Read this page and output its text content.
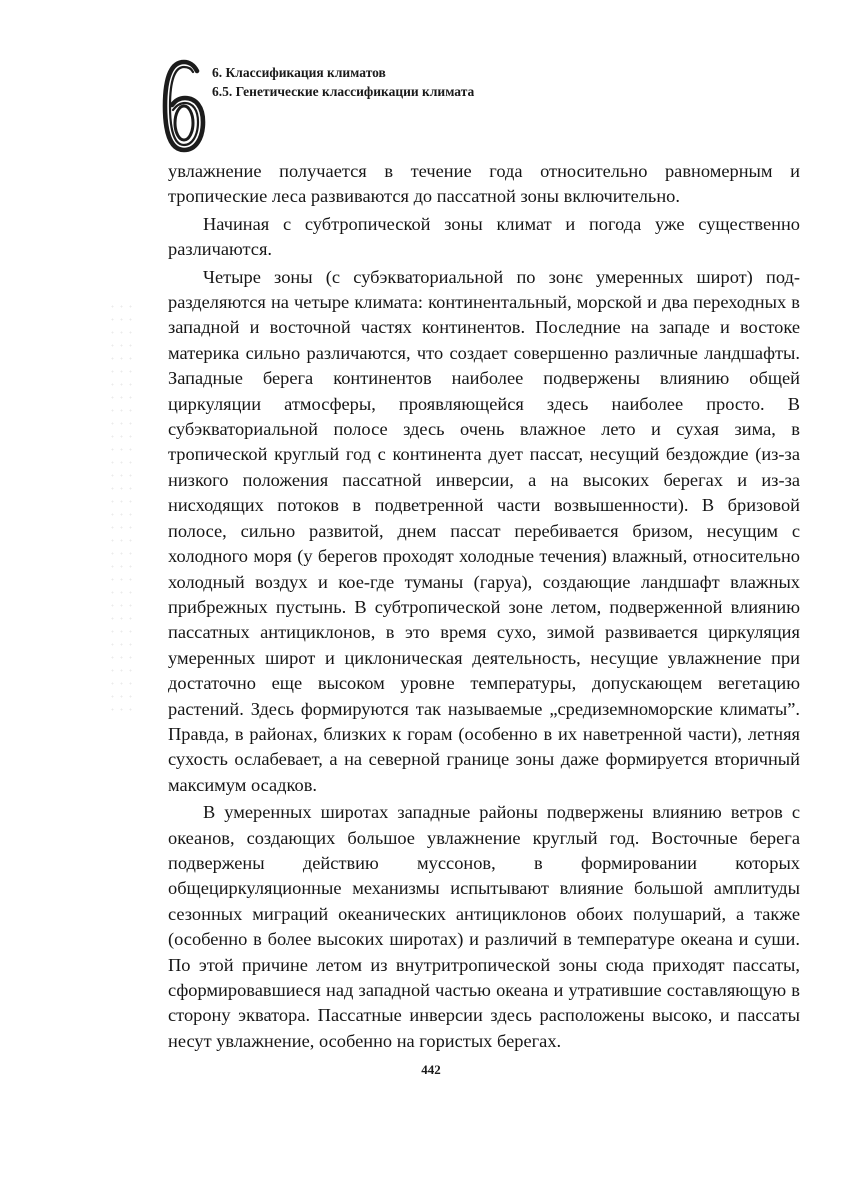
6. Классификация климатов
6.5. Генетические классификации климата

увлажнение получается в течение года относительно равномерным и тропические леса развиваются до пассатной зоны включительно.

Начиная с субтропической зоны климат и погода уже существенно различаются.

Четыре зоны (с субэкваториальной по зонє умеренных широт) подразделяются на четыре климата: континентальный, морской и два переходных в западной и восточной частях континентов. Последние на западе и востоке материка сильно различаются, что создает совершенно различные ландшафты. Западные берега континентов наиболее подвержены влиянию общей циркуляции атмосферы, проявляющейся здесь наиболее просто. В субэкваториальной полосе здесь очень влажное лето и сухая зима, в тропической круглый год с континента дует пассат, несущий бездождие (из-за низкого положения пассатной инверсии, а на высоких берегах и из-за нисходящих потоков в подветренной части возвышенности). В бризовой полосе, сильно развитой, днем пассат перебивается бризом, несущим с холодного моря (у берегов проходят холодные течения) влажный, относительно холодный воздух и кое-где туманы (гаруа), создающие ландшафт влажных прибрежных пустынь. В субтропической зоне летом, подверженной влиянию пассатных антициклонов, в это время сухо, зимой развивается циркуляция умеренных широт и циклоническая деятельность, несущие увлажнение при достаточно еще высоком уровне температуры, допускающем вегетацию растений. Здесь формируются так называемые „средиземноморские климаты”. Правда, в районах, близких к горам (особенно в их наветренной части), летняя сухость ослабевает, а на северной границе зоны даже формируется вторичный максимум осадков.

В умеренных широтах западные районы подвержены влиянию ветров с океанов, создающих большое увлажнение круглый год. Восточные берега подвержены действию муссонов, в формировании которых общециркуляционные механизмы испытывают влияние большой амплитуды сезонных миграций океанических антициклонов обоих полушарий, а также (особенно в более высоких широтах) и различий в температуре океана и суши. По этой причине летом из внутритропической зоны сюда приходят пассаты, сформировавшиеся над западной частью океана и утратившие составляющую в сторону экватора. Пассатные инверсии здесь расположены высоко, и пассаты несут увлажнение, особенно на гористых берегах.

442
